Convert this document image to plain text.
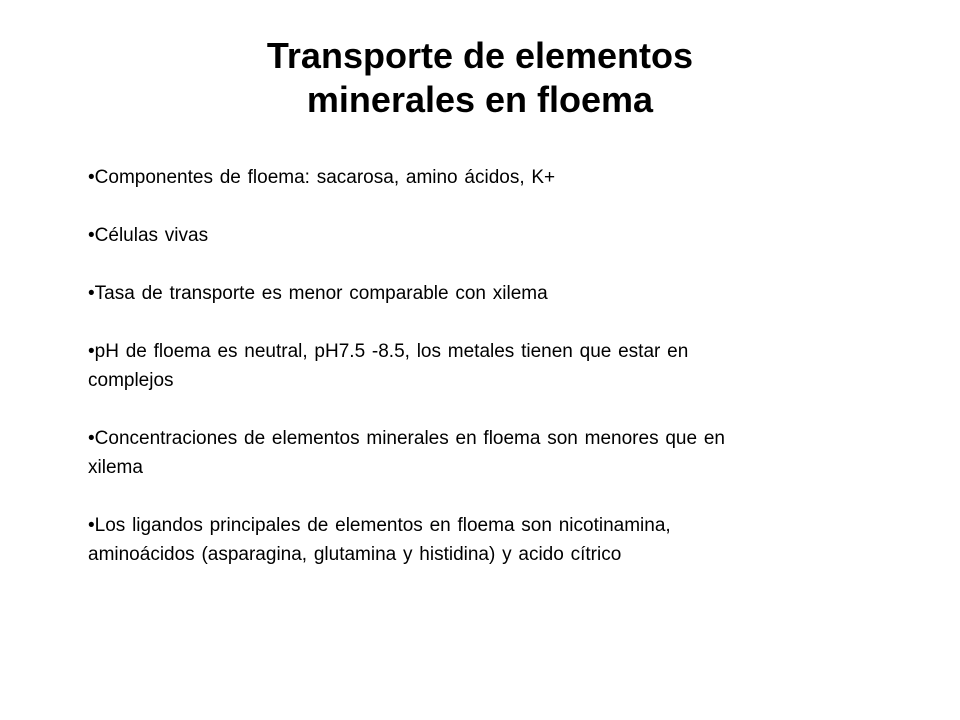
Transporte de elementos
minerales en floema
•Componentes de floema: sacarosa, amino ácidos, K+
•Células vivas
•Tasa de transporte es menor comparable con xilema
•pH de floema es neutral, pH7.5 -8.5, los metales tienen que estar en complejos
•Concentraciones de elementos minerales en floema son menores que en xilema
•Los ligandos principales de elementos en floema son nicotinamina, aminoácidos (asparagina, glutamina y histidina) y acido cítrico
